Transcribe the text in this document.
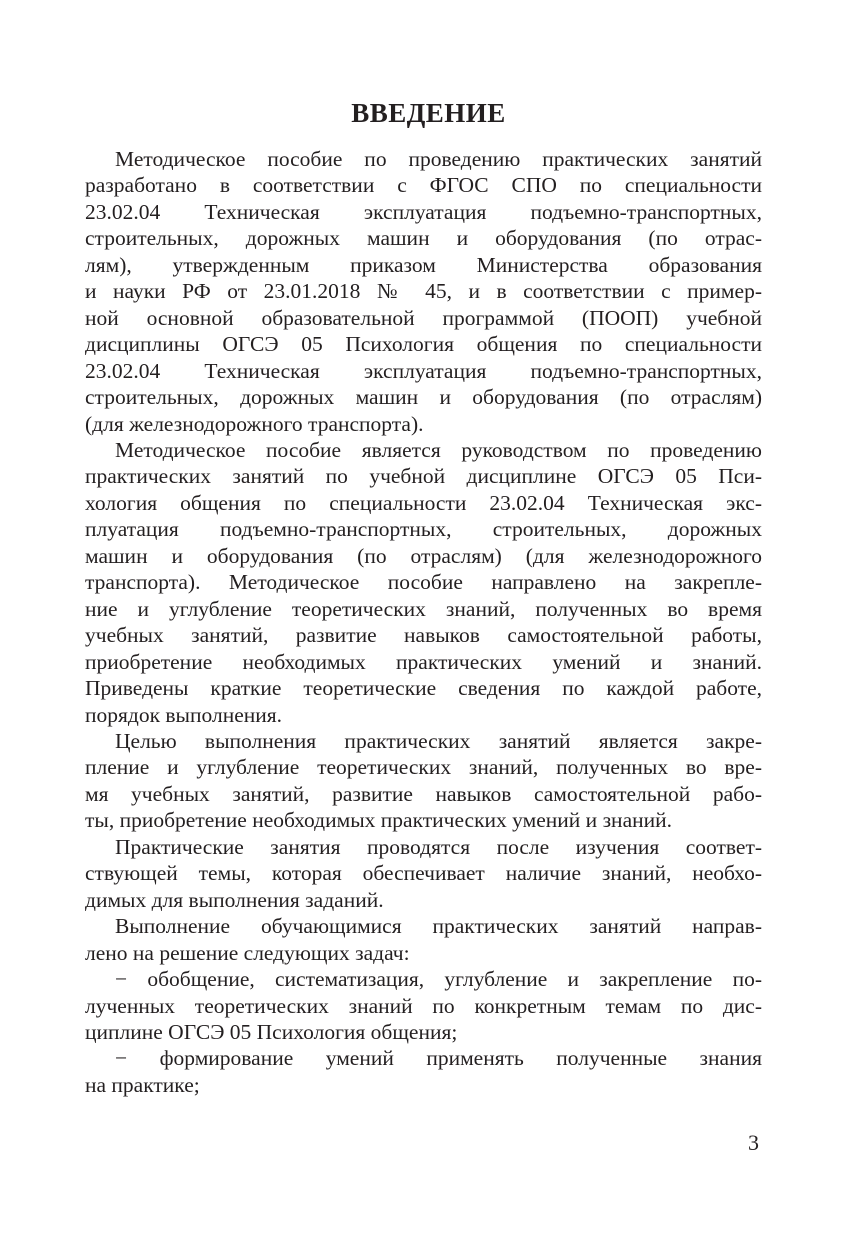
ВВЕДЕНИЕ
Методическое пособие по проведению практических занятий
разработано в соответствии с ФГОС СПО по специальности
23.02.04 Техническая эксплуатация подъемно-транспортных,
строительных, дорожных машин и оборудования (по отрас-
лям), утвержденным приказом Министерства образования
и науки РФ от 23.01.2018 № 45, и в соответствии с пример-
ной основной образовательной программой (ПООП) учебной
дисциплины ОГСЭ 05 Психология общения по специальности
23.02.04 Техническая эксплуатация подъемно-транспортных,
строительных, дорожных машин и оборудования (по отраслям)
(для железнодорожного транспорта).
Методическое пособие является руководством по проведению
практических занятий по учебной дисциплине ОГСЭ 05 Пси-
хология общения по специальности 23.02.04 Техническая экс-
плуатация подъемно-транспортных, строительных, дорожных
машин и оборудования (по отраслям) (для железнодорожного
транспорта). Методическое пособие направлено на закрепле-
ние и углубление теоретических знаний, полученных во время
учебных занятий, развитие навыков самостоятельной работы,
приобретение необходимых практических умений и знаний.
Приведены краткие теоретические сведения по каждой работе,
порядок выполнения.
Целью выполнения практических занятий является закре-
пление и углубление теоретических знаний, полученных во вре-
мя учебных занятий, развитие навыков самостоятельной рабо-
ты, приобретение необходимых практических умений и знаний.
Практические занятия проводятся после изучения соответ-
ствующей темы, которая обеспечивает наличие знаний, необхо-
димых для выполнения заданий.
Выполнение обучающимися практических занятий направ-
лено на решение следующих задач:
− обобщение, систематизация, углубление и закрепление по-
лученных теоретических знаний по конкретным темам по дис-
циплине ОГСЭ 05 Психология общения;
− формирование умений применять полученные знания
на практике;
3
